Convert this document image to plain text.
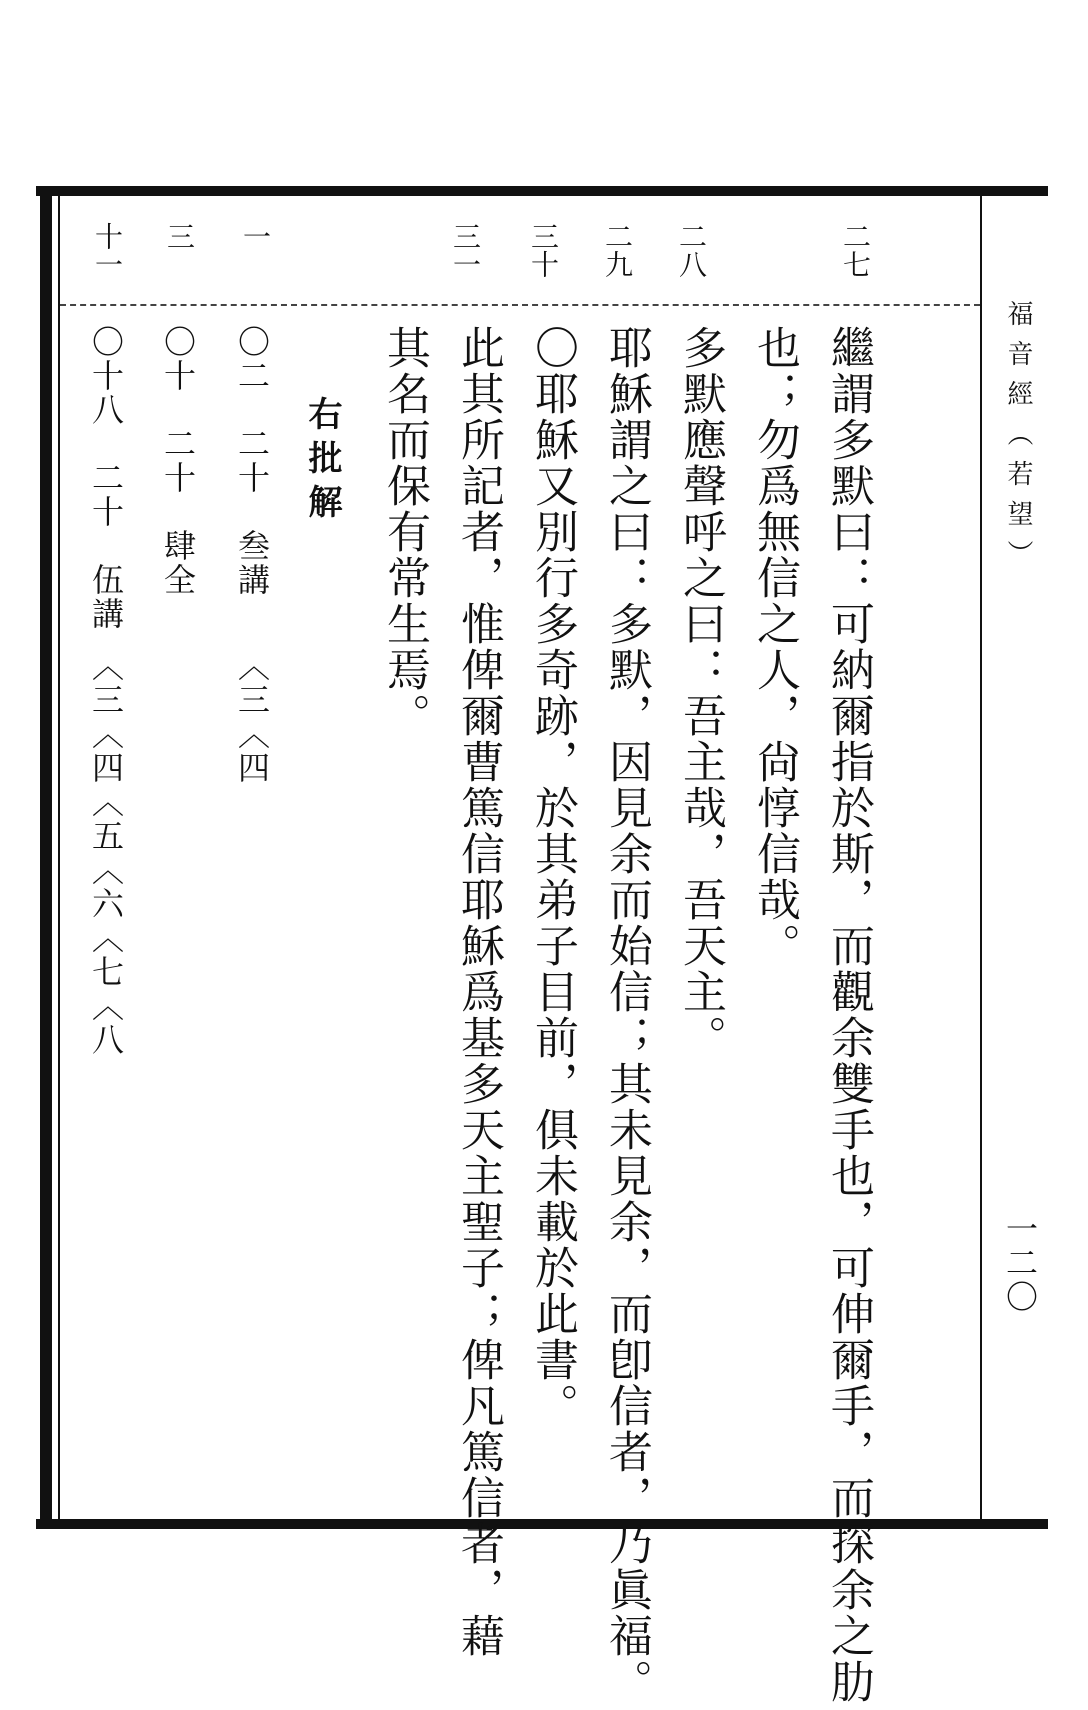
福音經（若望）
一二〇
二七
二八
二九
三十
三一
一
三
十一
繼謂多默曰：可納爾指於斯，而觀余雙手也，可伸爾手，而探余之肋
也；勿爲無信之人，尙惇信哉。
多默應聲呼之曰：吾主哉，吾天主。
耶穌謂之曰：多默，因見余而始信；其未見余，而卽信者，乃眞福。
〇耶穌又別行多奇跡，於其弟子目前，俱未載於此書。
此其所記者，惟俾爾曹篤信耶穌爲基多天主聖子；俾凡篤信者，藉
其名而保有常生焉。
右批解
〇二　二十　叁講　　〈三〈四
〇十　二十　肆全
〇十八　二十　伍講　〈三〈四〈五〈六〈七〈八
